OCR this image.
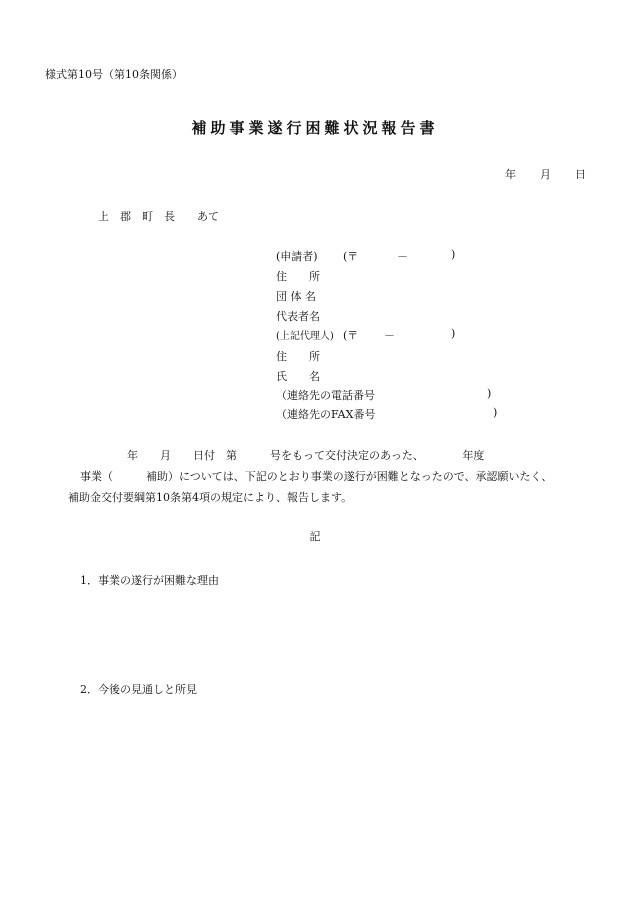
様式第10号（第10条関係）
補助事業遂行困難状況報告書
年 月 日
上　郡　町　長　　あて
(申請者) (〒	－	)
住　　所
団 体 名
代表者名
(上記代理人) (〒 －	)
住　　所
氏　　名
（連絡先の電話番号	)
（連絡先のFAX番号	)
年　　月　　日付　第　　　号をもって交付決定のあった、　　　　年度
事業（　　　補助）については、下記のとおり事業の遂行が困難となったので、承認願いたく、
補助金交付要綱第10条第4項の規定により、報告します。
記
1．事業の遂行が困難な理由
2．今後の見通しと所見
